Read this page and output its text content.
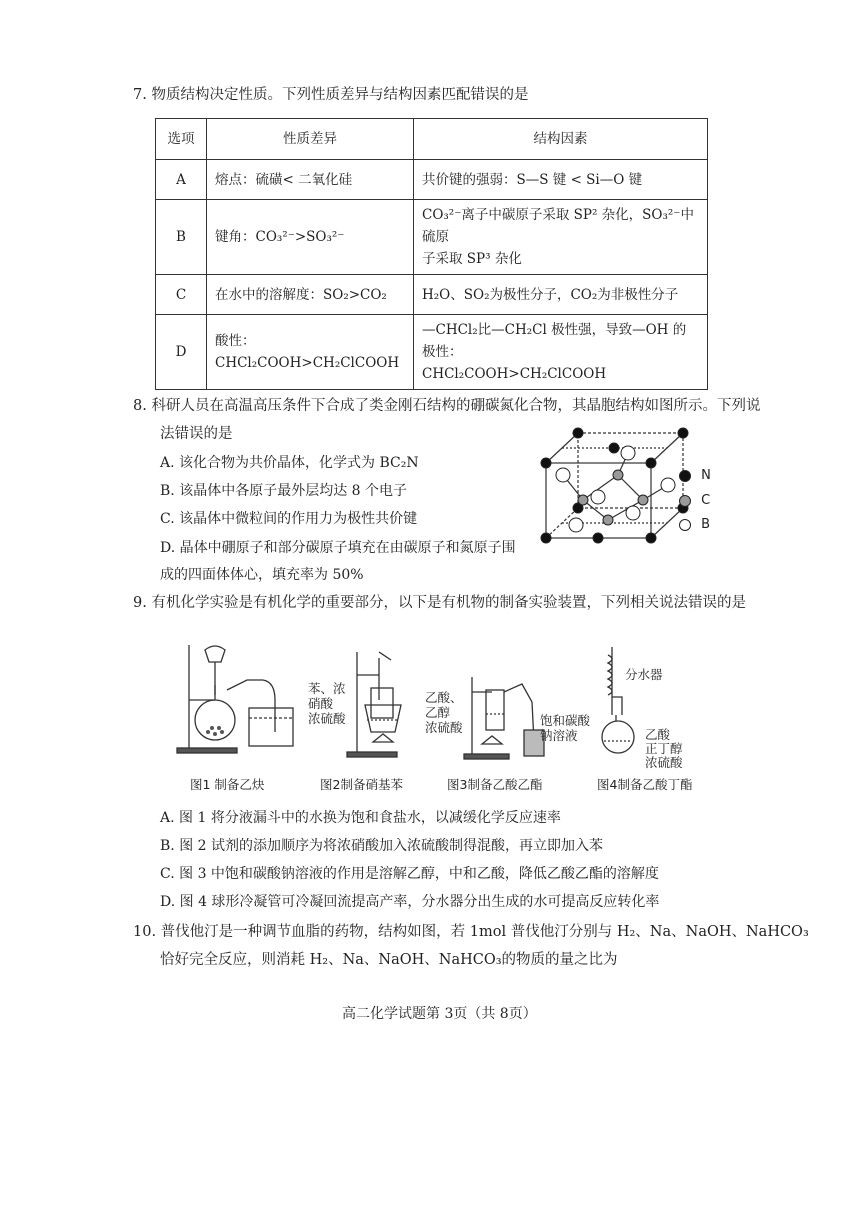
7. 物质结构决定性质。下列性质差异与结构因素匹配错误的是
选项	性质差异	结构因素
A	熔点：硫磺< 二氧化硅	共价键的强弱：S—S 键 < Si—O 键
B	键角：CO₃²⁻>SO₃²⁻	CO₃²⁻离子中碳原子采取 SP² 杂化，SO₃²⁻中硫原
子采取 SP³ 杂化

C	在水中的溶解度：SO₂>CO₂	H₂O、SO₂为极性分子，CO₂为非极性分子
D	酸性：CHCl₂COOH>CH₂ClCOOH	—CHCl₂比—CH₂Cl 极性强，导致—OH 的极性：
CHCl₂COOH>CH₂ClCOOH
8. 科研人员在高温高压条件下合成了类金刚石结构的硼碳氮化合物，其晶胞结构如图所示。下列说
法错误的是
A. 该化合物为共价晶体，化学式为 BC₂N
B. 该晶体中各原子最外层均达 8 个电子
C. 该晶体中微粒间的作用力为极性共价键
D. 晶体中硼原子和部分碳原子填充在由碳原子和氮原子围
成的四面体体心，填充率为 50%
N
C
B
9. 有机化学实验是有机化学的重要部分，以下是有机物的制备实验装置，下列相关说法错误的是
图1 制备乙炔
苯、浓
硝酸
浓硫酸
图2制备硝基苯
乙酸、
乙醇
浓硫酸	饱和碳酸
钠溶液
图3制备乙酸乙酯
分水器
乙酸
正丁醇
浓硫酸
图4制备乙酸丁酯
A. 图 1 将分液漏斗中的水换为饱和食盐水，以减缓化学反应速率
B. 图 2 试剂的添加顺序为将浓硝酸加入浓硫酸制得混酸，再立即加入苯
C. 图 3 中饱和碳酸钠溶液的作用是溶解乙醇，中和乙酸，降低乙酸乙酯的溶解度
D. 图 4 球形冷凝管可冷凝回流提高产率，分水器分出生成的水可提高反应转化率
10. 普伐他汀是一种调节血脂的药物，结构如图，若 1mol 普伐他汀分别与 H₂、Na、NaOH、NaHCO₃
恰好完全反应，则消耗 H₂、Na、NaOH、NaHCO₃的物质的量之比为
高二化学试题第 3页（共 8页）
